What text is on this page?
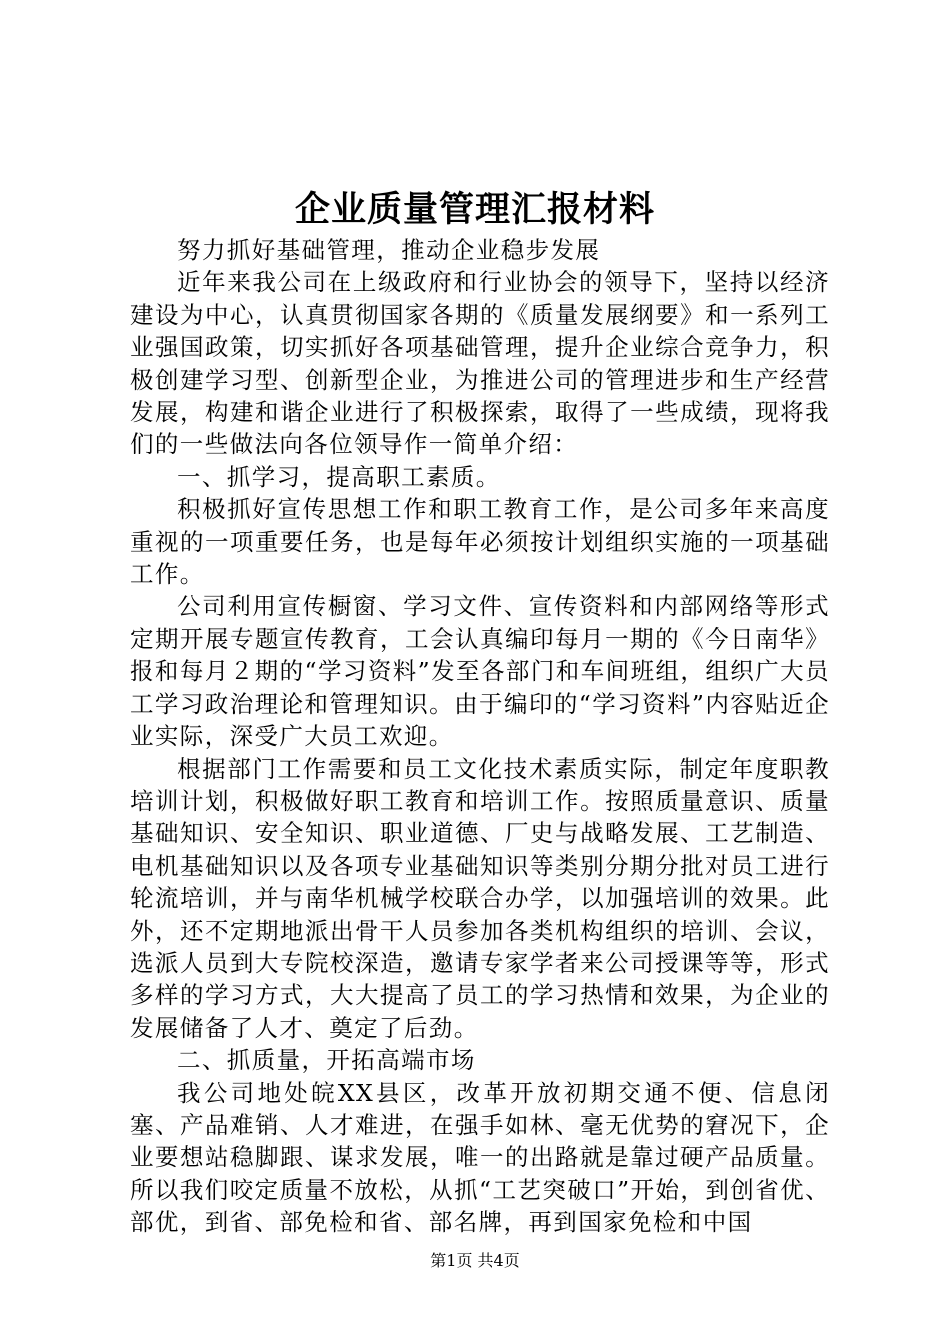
企业质量管理汇报材料

努力抓好基础管理，推动企业稳步发展

近年来我公司在上级政府和行业协会的领导下，坚持以经济建设为中心，认真贯彻国家各期的《质量发展纲要》和一系列工业强国政策，切实抓好各项基础管理，提升企业综合竞争力，积极创建学习型、创新型企业，为推进公司的管理进步和生产经营发展，构建和谐企业进行了积极探索，取得了一些成绩，现将我们的一些做法向各位领导作一简单介绍：

一、抓学习，提高职工素质。

积极抓好宣传思想工作和职工教育工作，是公司多年来高度重视的一项重要任务，也是每年必须按计划组织实施的一项基础工作。

公司利用宣传橱窗、学习文件、宣传资料和内部网络等形式定期开展专题宣传教育，工会认真编印每月一期的《今日南华》报和每月２期的“学习资料”发至各部门和车间班组，组织广大员工学习政治理论和管理知识。由于编印的“学习资料”内容贴近企业实际，深受广大员工欢迎。

根据部门工作需要和员工文化技术素质实际，制定年度职教培训计划，积极做好职工教育和培训工作。按照质量意识、质量基础知识、安全知识、职业道德、厂史与战略发展、工艺制造、电机基础知识以及各项专业基础知识等类别分期分批对员工进行轮流培训，并与南华机械学校联合办学，以加强培训的效果。此外，还不定期地派出骨干人员参加各类机构组织的培训、会议，选派人员到大专院校深造，邀请专家学者来公司授课等等，形式多样的学习方式，大大提高了员工的学习热情和效果，为企业的发展储备了人才、奠定了后劲。

二、抓质量，开拓高端市场

我公司地处皖XX县区，改革开放初期交通不便、信息闭塞、产品难销、人才难进，在强手如林、毫无优势的窘况下，企业要想站稳脚跟、谋求发展，唯一的出路就是靠过硬产品质量。所以我们咬定质量不放松，从抓“工艺突破口”开始，到创省优、部优，到省、部免检和省、部名牌，再到国家免检和中国

第1页 共4页
